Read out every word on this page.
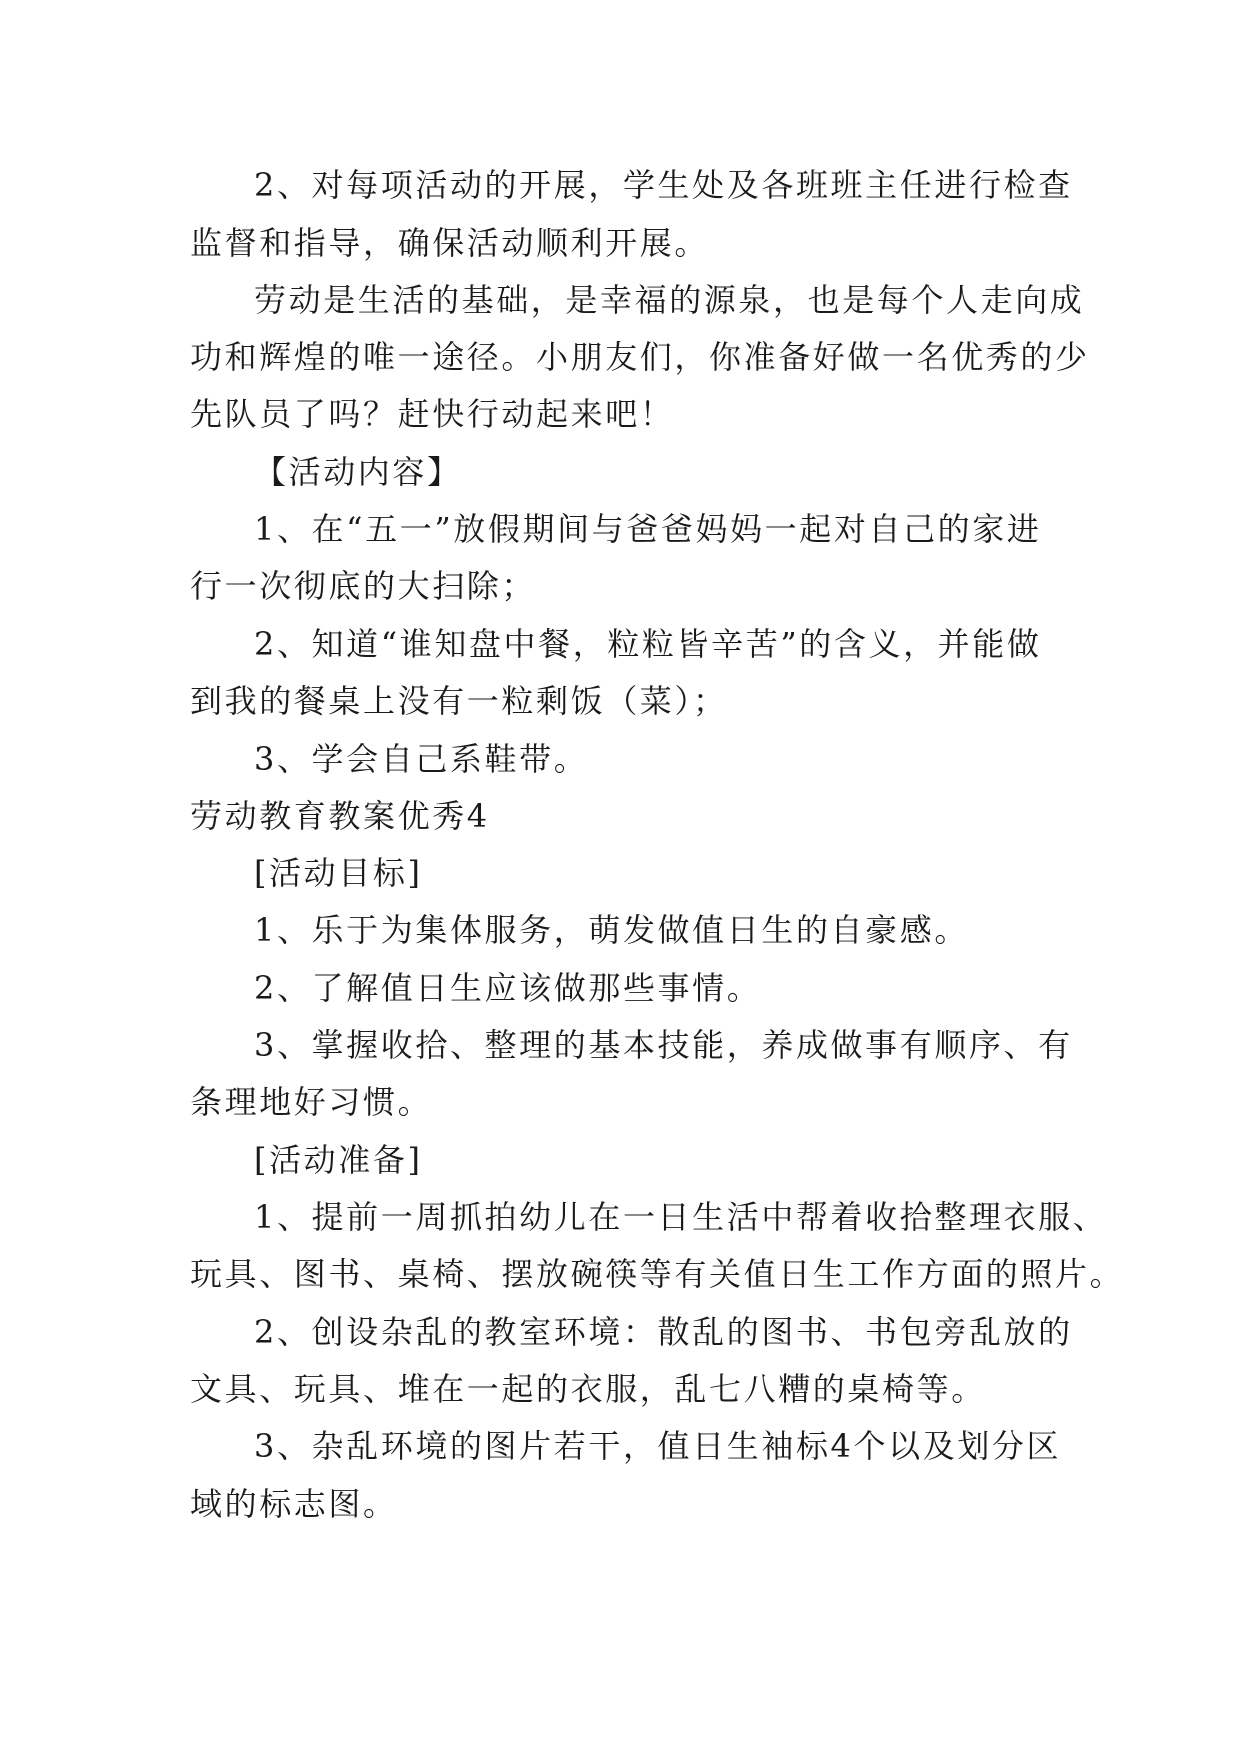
2、对每项活动的开展，学生处及各班班主任进行检查
监督和指导，确保活动顺利开展。
劳动是生活的基础，是幸福的源泉，也是每个人走向成
功和辉煌的唯一途径。小朋友们，你准备好做一名优秀的少
先队员了吗？赶快行动起来吧！
【活动内容】
1、在“五一”放假期间与爸爸妈妈一起对自己的家进
行一次彻底的大扫除；
2、知道“谁知盘中餐，粒粒皆辛苦”的含义，并能做
到我的餐桌上没有一粒剩饭（菜）；
3、学会自己系鞋带。
劳动教育教案优秀4
[活动目标]
1、乐于为集体服务，萌发做值日生的自豪感。
2、了解值日生应该做那些事情。
3、掌握收拾、整理的基本技能，养成做事有顺序、有
条理地好习惯。
[活动准备]
1、提前一周抓拍幼儿在一日生活中帮着收拾整理衣服、
玩具、图书、桌椅、摆放碗筷等有关值日生工作方面的照片。
2、创设杂乱的教室环境：散乱的图书、书包旁乱放的
文具、玩具、堆在一起的衣服，乱七八糟的桌椅等。
3、杂乱环境的图片若干，值日生袖标4个以及划分区
域的标志图。
